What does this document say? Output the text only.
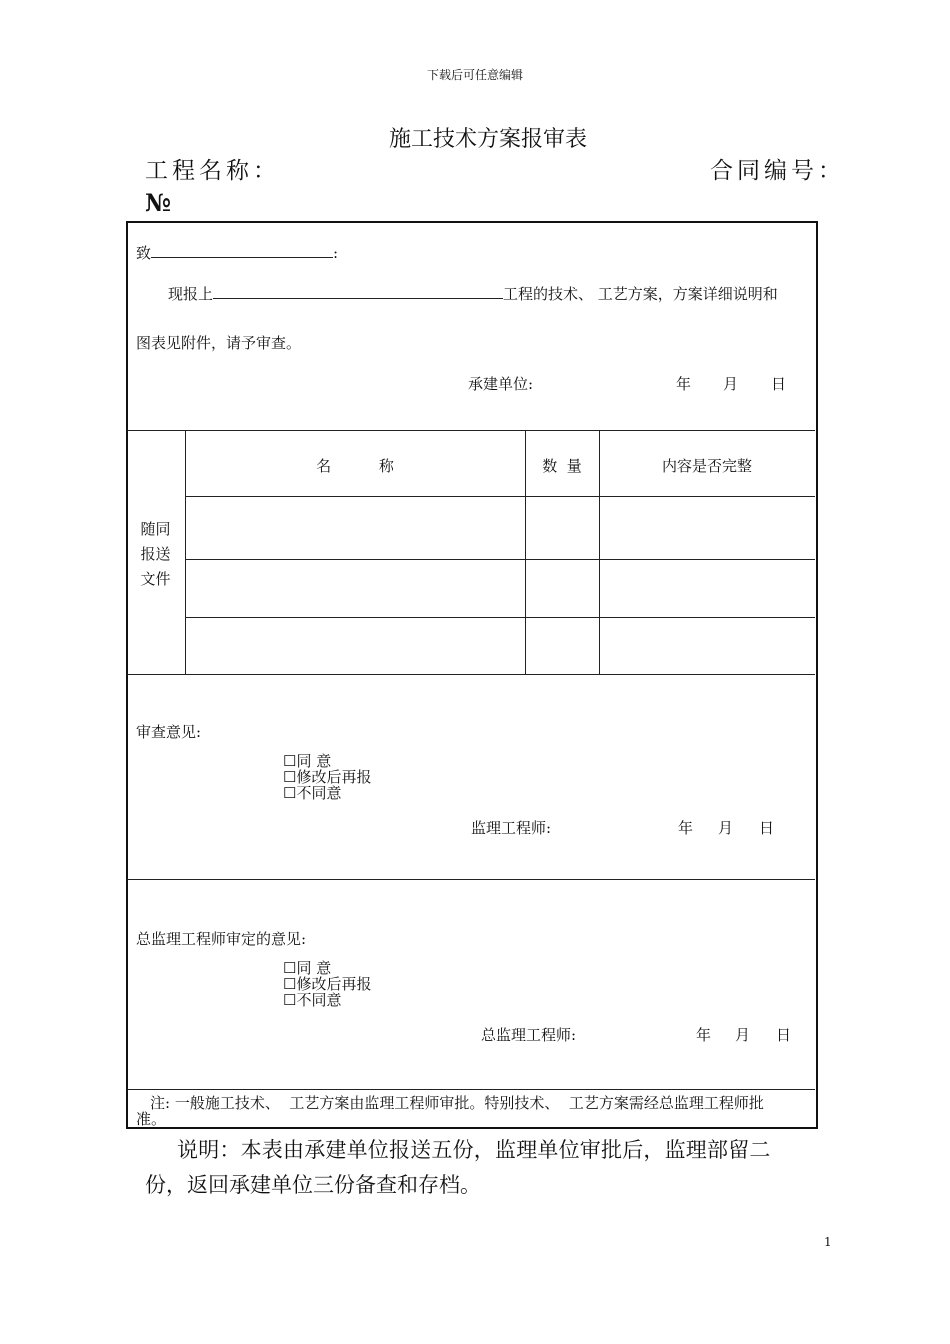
下载后可任意编辑
施工技术方案报审表
工程名称：	合同编号：
№
致	:
现报上	工程的技术、 工艺方案，方案详细说明和
图表见附件，请予审查。
承建单位:	年 月 日
随同
报送
文件
名          称	数  量	内容是否完整
审查意见:
☐同 意
☐修改后再报
☐不同意
监理工程师:	年 月 日
总监理工程师审定的意见:
☐同 意
☐修改后再报
☐不同意
总监理工程师:	年 月 日
注: 一般施工技术、  工艺方案由监理工程师审批。特别技术、  工艺方案需经总监理工程师批
准。
说明：本表由承建单位报送五份，监理单位审批后，监理部留二
份，返回承建单位三份备查和存档。
1
